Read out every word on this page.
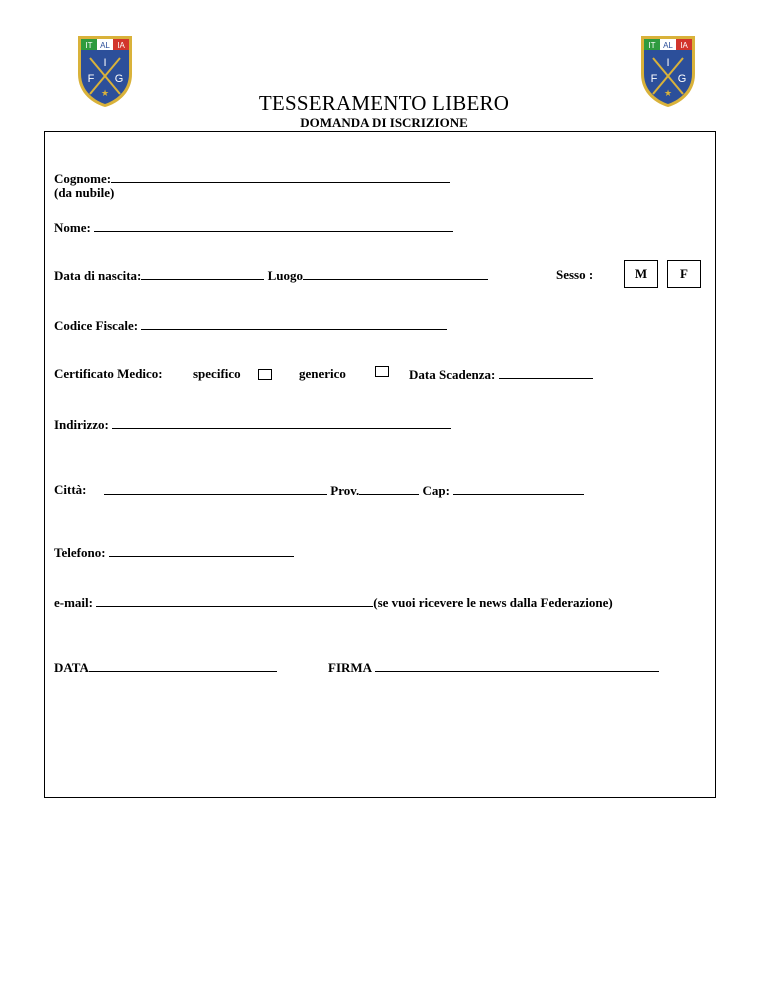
IT AL IA
I
F G
★
IT AL IA
I
F G
★
TESSERAMENTO LIBERO
DOMANDA DI ISCRIZIONE
Cognome:
(da nubile)
Nome:
Data di nascita:	Luogo	Sesso :	M	F
Codice Fiscale:
Certificato Medico: specifico	generico	Data Scadenza:
Indirizzo:
Città:	Prov.	Cap:
Telefono:
e-mail:	(se vuoi ricevere le news dalla Federazione)
DATA	FIRMA
